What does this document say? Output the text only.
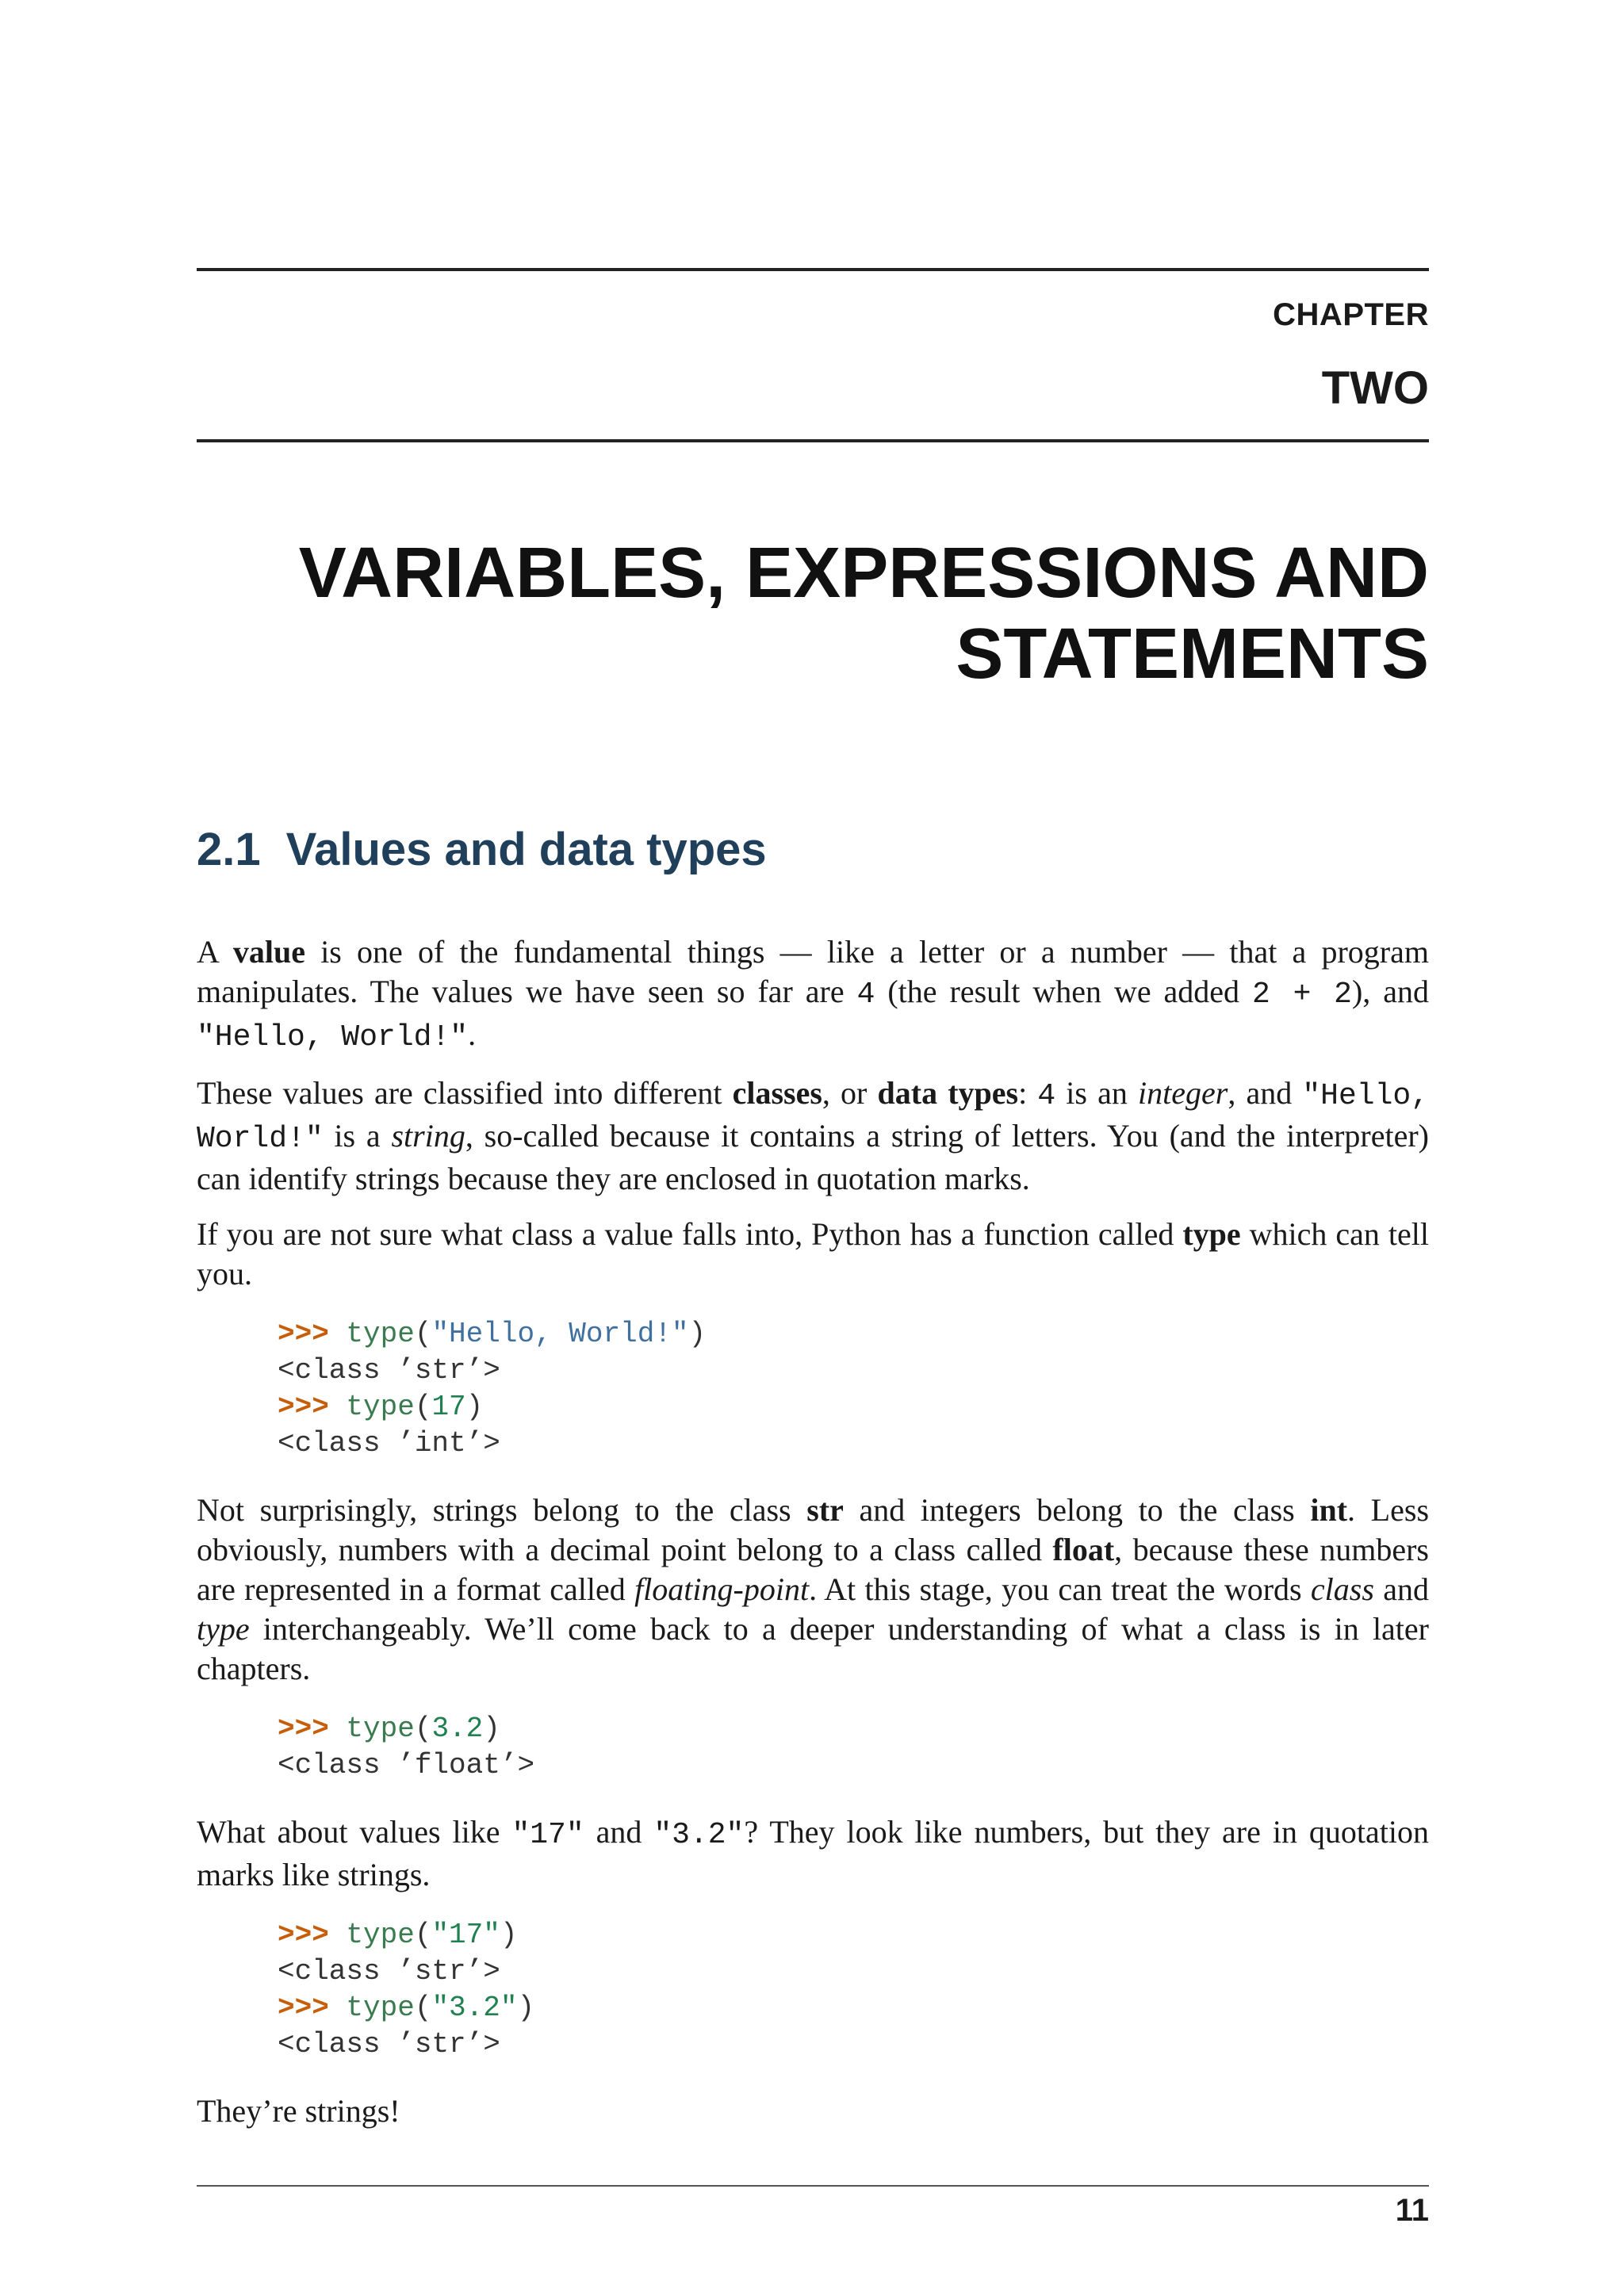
CHAPTER
TWO
VARIABLES, EXPRESSIONS AND
STATEMENTS
2.1 Values and data types

A value is one of the fundamental things — like a letter or a number — that a program manipulates. The values we have seen so far are 4 (the result when we added 2 + 2), and "Hello, World!".

These values are classified into different classes, or data types: 4 is an integer, and "Hello, World!" is a string, so-called because it contains a string of letters. You (and the interpreter) can identify strings because they are enclosed in quotation marks.

If you are not sure what class a value falls into, Python has a function called type which can tell you.

>>> type("Hello, World!")
<class ’str’>
>>> type(17)
<class ’int’>

Not surprisingly, strings belong to the class str and integers belong to the class int. Less obviously, numbers with a decimal point belong to a class called float, because these numbers are represented in a format called floating-point. At this stage, you can treat the words class and type interchangeably. We’ll come back to a deeper understanding of what a class is in later chapters.

>>> type(3.2)
<class ’float’>

What about values like "17" and "3.2"? They look like numbers, but they are in quotation marks like strings.

>>> type("17")
<class ’str’>
>>> type("3.2")
<class ’str’>

They’re strings!

11
